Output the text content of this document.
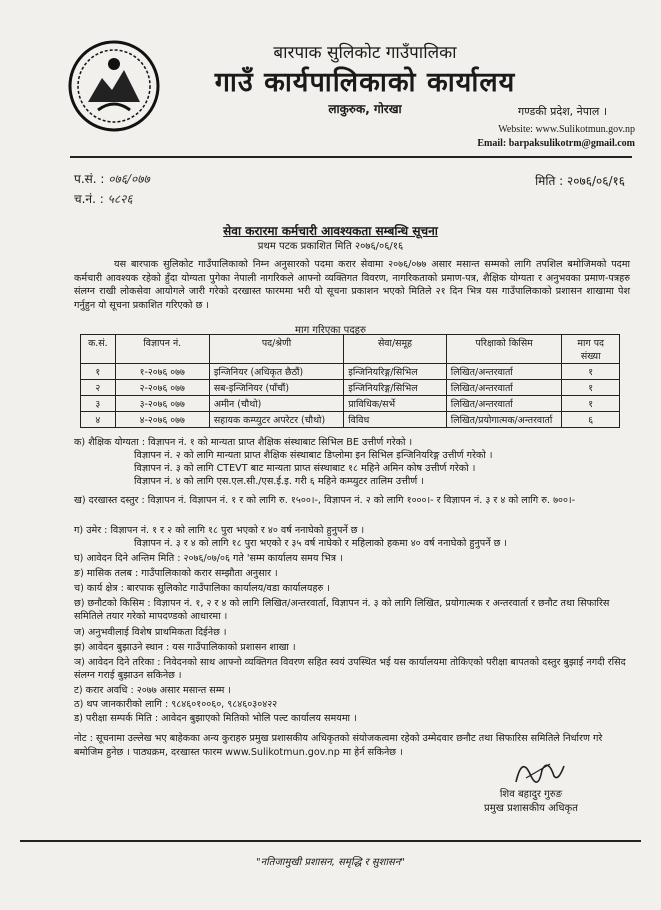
बारपाक सुलिकोट गाउँपालिका
गाउँ कार्यपालिकाको कार्यालय
लाकुरुक, गोरखा	गण्डकी प्रदेश, नेपाल ।
Website: www.Sulikotmun.gov.np
Email: barpaksulikotrm@gmail.com
प.सं. : ०७६/०७७
च.नं. : ५८२६
मिति : २०७६/०६/१६
सेवा करारमा कर्मचारी आवश्यकता सम्बन्धि सूचना
प्रथम पटक प्रकाशित मिति २०७६/०६/१६
यस बारपाक सुलिकोट गाउँपालिकाको निम्न अनुसारको पदमा करार सेवामा २०७६/०७७ असार मसान्त सम्मको लागि तपशिल बमोजिमको पदमा कर्मचारी आवश्यक रहेको हुँदा योग्यता पुगेका नेपाली नागरिकले आफ्नो व्यक्तिगत विवरण, नागरिकताको प्रमाण-पत्र, शैक्षिक योग्यता र अनुभवका प्रमाण-पत्रहरु संलग्न राखी लोकसेवा आयोगले जारी गरेको दरखास्त फारममा भरी यो सूचना प्रकाशन भएको मितिले २१ दिन भित्र यस गाउँपालिकाको प्रशासन शाखामा पेश गर्नुहुन यो सूचना प्रकाशित गरिएको छ ।
माग गरिएका पदहरु
क.सं.	विज्ञापन नं.	पद/श्रेणी	सेवा/समूह	परिक्षाको किसिम	माग पद संख्या
१	१-२०७६ ०७७	इन्जिनियर (अधिकृत छैठौं)	इन्जिनियरिङ्ग/सिभिल	लिखित/अन्तरवार्ता	१
२	२-२०७६ ०७७	सब-इन्जिनियर (पाँचौं)	इन्जिनियरिङ्ग/सिभिल	लिखित/अन्तरवार्ता	१
३	३-२०७६ ०७७	अमीन (चौथो)	प्राविधिक/सर्भे	लिखित/अन्तरवार्ता	१
४	४-२०७६ ०७७	सहायक कम्प्युटर अपरेटर (चौथो)	विविध	लिखित/प्रयोगात्मक/अन्तरवार्ता	६
क) शैक्षिक योग्यता : विज्ञापन नं. १ को मान्यता प्राप्त शैक्षिक संस्थाबाट सिभिल BE उत्तीर्ण गरेको ।
विज्ञापन नं. २ को लागि मान्यता प्राप्त शैक्षिक संस्थाबाट डिप्लोमा इन सिभिल इन्जिनियरिङ्ग उत्तीर्ण गरेको ।
विज्ञापन नं. ३ को लागि CTEVT बाट मान्यता प्राप्त संस्थाबाट १८ महिने अमिन कोष उत्तीर्ण गरेको ।
विज्ञापन नं. ४ को लागि एस.एल.सी./एस.ई.इ. गरी ६ महिने कम्प्युटर तालिम उत्तीर्ण ।
ख) दरखास्त दस्तुर : विज्ञापन नं. विज्ञापन नं. १ र को लागि रु. १५००।-, विज्ञापन नं. २ को लागि १०००।- र विज्ञापन नं. ३ र ४ को लागि रु. ७००।-
ग) उमेर : विज्ञापन नं. १ र २ को लागि १८ पुरा भएको र ४० वर्ष ननाघेको हुनुपर्ने छ ।
विज्ञापन नं. ३ र ४ को लागि १८ पुरा भएको र ३५ वर्ष नाघेको र महिलाको हकमा ४० वर्ष ननाघेको हुनुपर्ने छ ।
घ) आवेदन दिने अन्तिम मिति : २०७६/०७/०६ गते 'सम्म कार्यालय समय भित्र ।
ङ) मासिक तलब : गाउँपालिकाको करार सम्झौता अनुसार ।
च) कार्य क्षेत्र : बारपाक सुलिकोट गाउँपालिका कार्यालय/वडा कार्यालयहरु ।
छ) छनौटको किसिम : विज्ञापन नं. १, २ र ४ को लागि लिखित/अन्तरवार्ता, विज्ञापन नं. ३ को लागि लिखित, प्रयोगात्मक र अन्तरवार्ता र छनौट तथा सिफारिस समितिले तयार गरेको मापदण्डको आधारमा ।
ज) अनुभवीलाई विशेष प्राथमिकता दिईनेछ ।
झ) आवेदन बुझाउने स्थान : यस गाउँपालिकाको प्रशासन शाखा ।
ञ) आवेदन दिने तरिका : निवेदनको साथ आफ्नो व्यक्तिगत विवरण सहित स्वयं उपस्थित भई यस कार्यालयमा तोकिएको परीक्षा बापतको दस्तुर बुझाई नगदी रसिद संलग्न गराई बुझाउन सकिनेछ ।
ट) करार अवधि : २०७७ असार मसान्त सम्म ।
ठ) थप जानकारीको लागि : ९८४६०१००६०, ९८४६०३०४२२
ड) परीक्षा सम्पर्क मिति : आवेदन बुझाएको मितिको भोलि पल्ट कार्यालय समयमा ।
नोट : सूचनामा उल्लेख भए बाहेकका अन्य कुराहरु प्रमुख प्रशासकीय अधिकृतको संयोजकत्वमा रहेको उम्मेदवार छनौट तथा सिफारिस समितिले निर्धारण गरे बमोजिम हुनेछ । पाठ्यक्रम, दरखास्त फारम www.Sulikotmun.gov.np मा हेर्न सकिनेछ ।
शिव बहादुर गुरुङ
प्रमुख प्रशासकीय अधिकृत
"नतिजामुखी प्रशासन, समृद्धि र सुशासन"
